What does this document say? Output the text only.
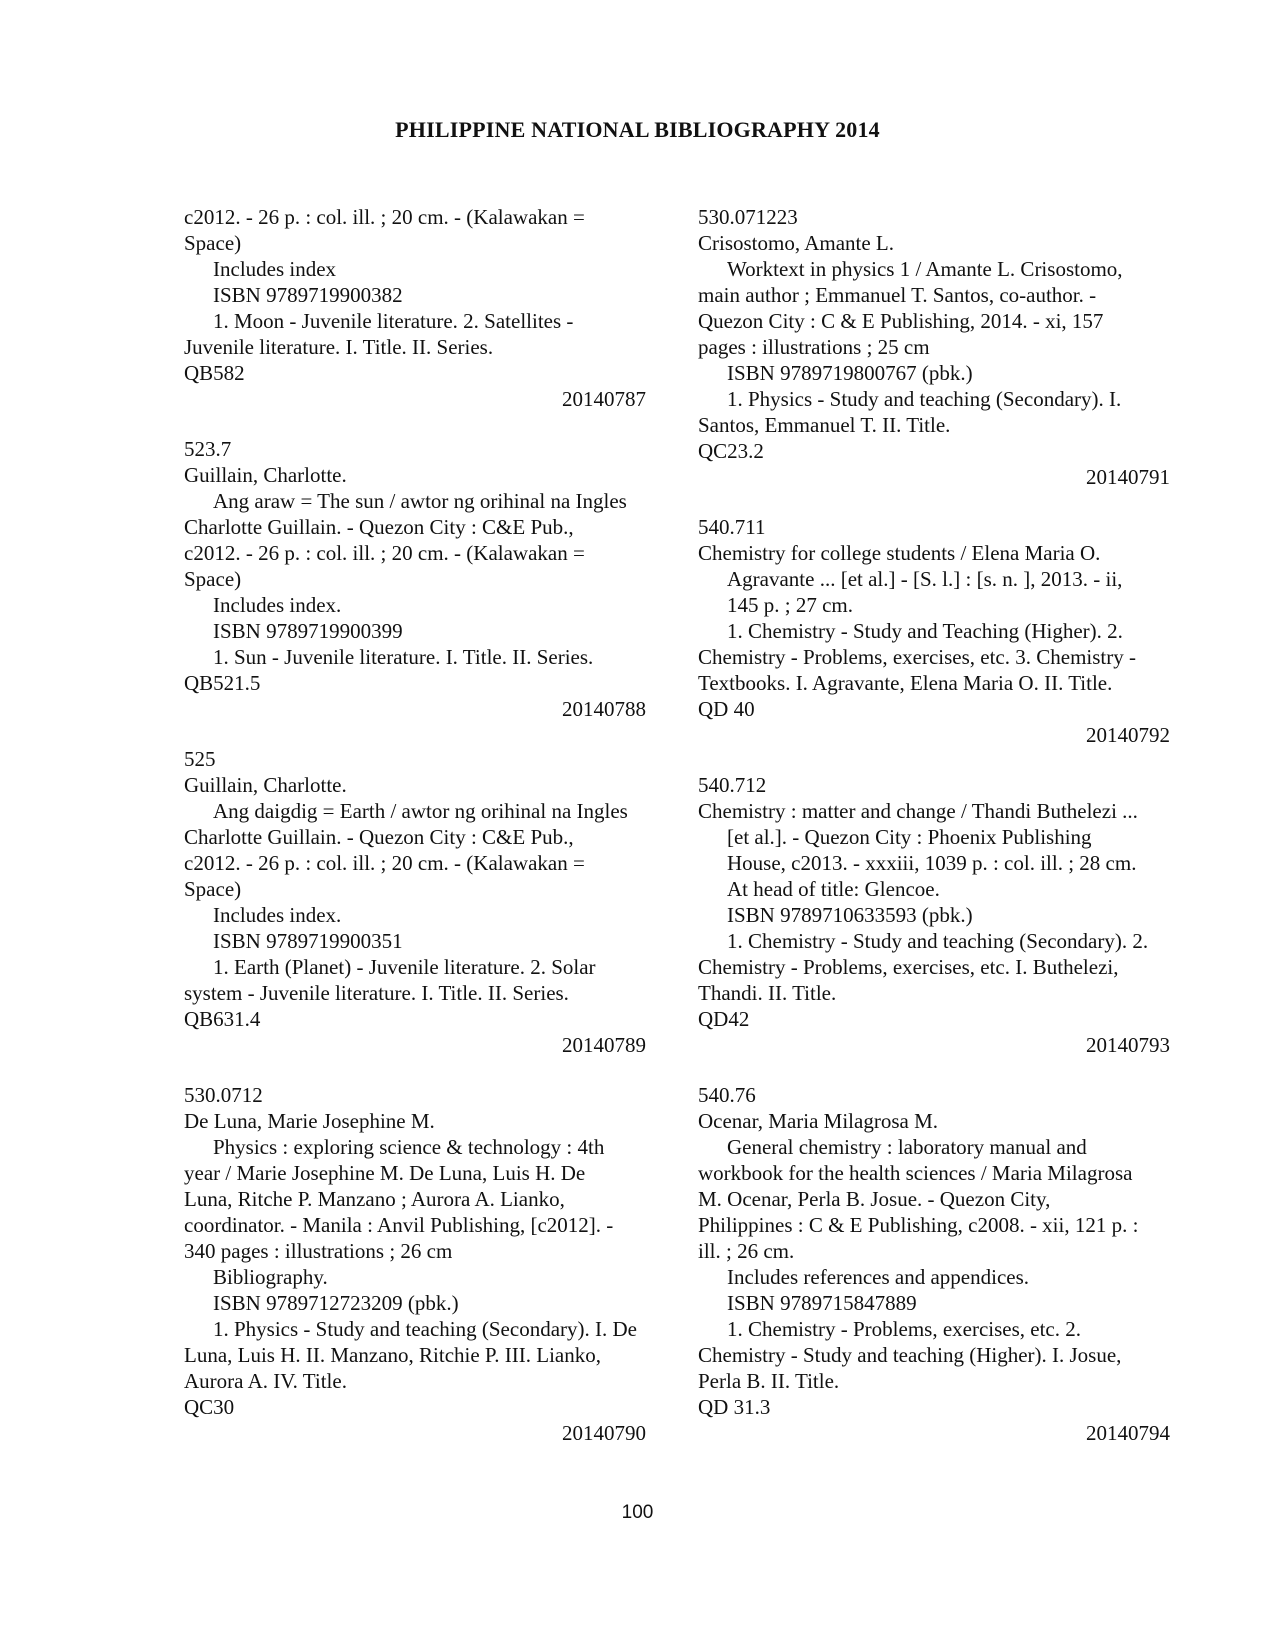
PHILIPPINE NATIONAL BIBLIOGRAPHY 2014
c2012. - 26 p. : col. ill. ; 20 cm. - (Kalawakan =
Space)
Includes index
ISBN 9789719900382
1. Moon - Juvenile literature. 2. Satellites -
Juvenile literature. I. Title. II. Series.
QB582
20140787
523.7
Guillain, Charlotte.
Ang araw = The sun / awtor ng orihinal na Ingles
Charlotte Guillain. - Quezon City : C&E Pub.,
c2012. - 26 p. : col. ill. ; 20 cm. - (Kalawakan =
Space)
Includes index.
ISBN 9789719900399
1. Sun - Juvenile literature. I. Title. II. Series.
QB521.5
20140788
525
Guillain, Charlotte.
Ang daigdig = Earth / awtor ng orihinal na Ingles
Charlotte Guillain. - Quezon City : C&E Pub.,
c2012. - 26 p. : col. ill. ; 20 cm. - (Kalawakan =
Space)
Includes index.
ISBN 9789719900351
1. Earth (Planet) - Juvenile literature. 2. Solar
system - Juvenile literature. I. Title. II. Series.
QB631.4
20140789
530.0712
De Luna, Marie Josephine M.
Physics : exploring science & technology : 4th
year / Marie Josephine M. De Luna, Luis H. De
Luna, Ritche P. Manzano ; Aurora A. Lianko,
coordinator. - Manila : Anvil Publishing, [c2012]. -
340 pages : illustrations ; 26 cm
Bibliography.
ISBN 9789712723209 (pbk.)
1. Physics - Study and teaching (Secondary). I. De
Luna, Luis H. II. Manzano, Ritchie P. III. Lianko,
Aurora A. IV. Title.
QC30
20140790
530.071223
Crisostomo, Amante L.
Worktext in physics 1 / Amante L. Crisostomo,
main author ; Emmanuel T. Santos, co-author. -
Quezon City : C & E Publishing, 2014. - xi, 157
pages : illustrations ; 25 cm
ISBN 9789719800767 (pbk.)
1. Physics - Study and teaching (Secondary). I.
Santos, Emmanuel T. II. Title.
QC23.2
20140791
540.711
Chemistry for college students / Elena Maria O.
Agravante ... [et al.] - [S. l.] : [s. n. ], 2013. - ii,
145 p. ; 27 cm.
1. Chemistry - Study and Teaching (Higher). 2.
Chemistry - Problems, exercises, etc. 3. Chemistry -
Textbooks. I. Agravante, Elena Maria O. II. Title.
QD 40
20140792
540.712
Chemistry : matter and change / Thandi Buthelezi ...
[et al.]. - Quezon City : Phoenix Publishing
House, c2013. - xxxiii, 1039 p. : col. ill. ; 28 cm.
At head of title: Glencoe.
ISBN 9789710633593 (pbk.)
1. Chemistry - Study and teaching (Secondary). 2.
Chemistry - Problems, exercises, etc. I. Buthelezi,
Thandi. II. Title.
QD42
20140793
540.76
Ocenar, Maria Milagrosa M.
General chemistry : laboratory manual and
workbook for the health sciences / Maria Milagrosa
M. Ocenar, Perla B. Josue. - Quezon City,
Philippines : C & E Publishing, c2008. - xii, 121 p. :
ill. ; 26 cm.
Includes references and appendices.
ISBN 9789715847889
1. Chemistry - Problems, exercises, etc. 2.
Chemistry - Study and teaching (Higher). I. Josue,
Perla B. II. Title.
QD 31.3
20140794
100
